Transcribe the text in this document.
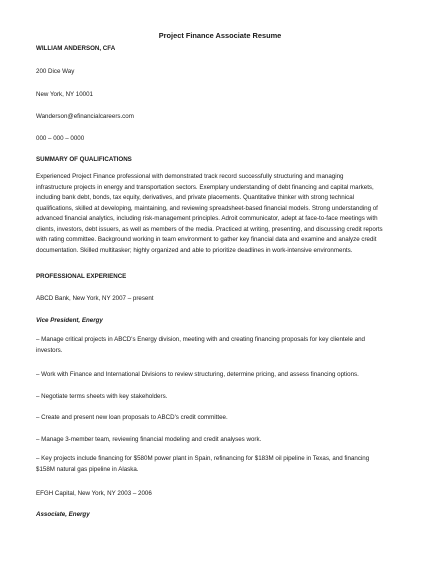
Project Finance Associate Resume
WILLIAM ANDERSON, CFA
200 Dice Way
New York, NY 10001
Wanderson@efinancialcareers.com
000 – 000 – 0000
SUMMARY OF QUALIFICATIONS
Experienced Project Finance professional with demonstrated track record successfully structuring and managing
infrastructure projects in energy and transportation sectors. Exemplary understanding of debt financing and capital markets,
including bank debt, bonds, tax equity, derivatives, and private placements. Quantitative thinker with strong technical
qualifications, skilled at developing, maintaining, and reviewing spreadsheet-based financial models. Strong understanding of
advanced financial analytics, including risk-management principles. Adroit communicator, adept at face-to-face meetings with
clients, investors, debt issuers, as well as members of the media. Practiced at writing, presenting, and discussing credit reports
with rating committee. Background working in team environment to gather key financial data and examine and analyze credit
documentation. Skilled multitasker; highly organized and able to prioritize deadlines in work-intensive environments.
PROFESSIONAL EXPERIENCE
ABCD Bank, New York, NY 2007 – present
Vice President, Energy
– Manage critical projects in ABCD's Energy division, meeting with and creating financing proposals for key clientele and
investors.
– Work with Finance and International Divisions to review structuring, determine pricing, and assess financing options.
– Negotiate terms sheets with key stakeholders.
– Create and present new loan proposals to ABCD's credit committee.
– Manage 3-member team, reviewing financial modeling and credit analyses work.
– Key projects include financing for $580M power plant in Spain, refinancing for $183M oil pipeline in Texas, and financing
$158M natural gas pipeline in Alaska.
EFGH Capital, New York, NY 2003 – 2006
Associate, Energy
